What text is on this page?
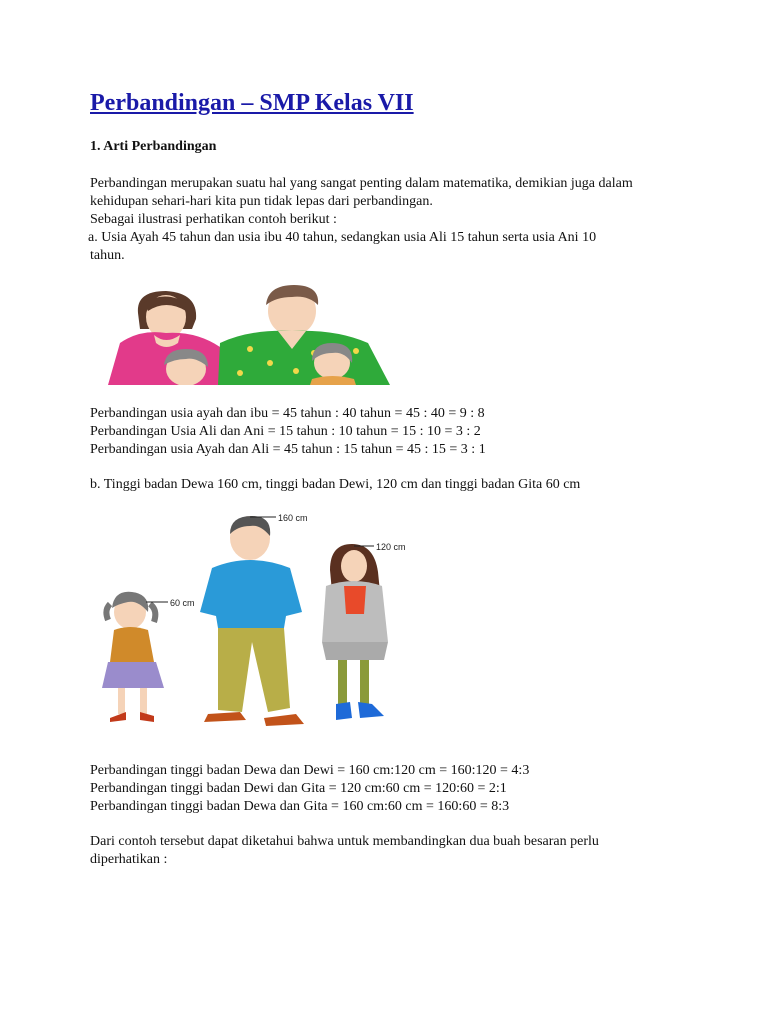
Perbandingan – SMP Kelas VII
1. Arti Perbandingan

Perbandingan merupakan suatu hal yang sangat penting dalam matematika, demikian juga dalam

kehidupan sehari-hari kita pun tidak lepas dari perbandingan.

Sebagai ilustrasi perhatikan contoh berikut :

a. Usia Ayah 45 tahun dan usia ibu 40 tahun, sedangkan usia Ali 15 tahun serta usia Ani 10

tahun.

Perbandingan usia ayah dan ibu = 45 tahun : 40 tahun = 45 : 40 = 9 : 8

Perbandingan Usia Ali dan Ani = 15 tahun : 10 tahun = 15 : 10 = 3 : 2

Perbandingan usia Ayah dan Ali = 45 tahun : 15 tahun = 45 : 15 = 3 : 1

b. Tinggi badan Dewa 160 cm, tinggi badan Dewi, 120 cm dan tinggi badan Gita 60 cm

160 cm
120 cm
60 cm

Perbandingan tinggi badan Dewa dan Dewi = 160 cm:120 cm = 160:120 = 4:3

Perbandingan tinggi badan Dewi dan Gita = 120 cm:60 cm = 120:60 = 2:1

Perbandingan tinggi badan Dewa dan Gita = 160 cm:60 cm = 160:60 = 8:3

Dari contoh tersebut dapat diketahui bahwa untuk membandingkan dua buah besaran perlu

diperhatikan :
